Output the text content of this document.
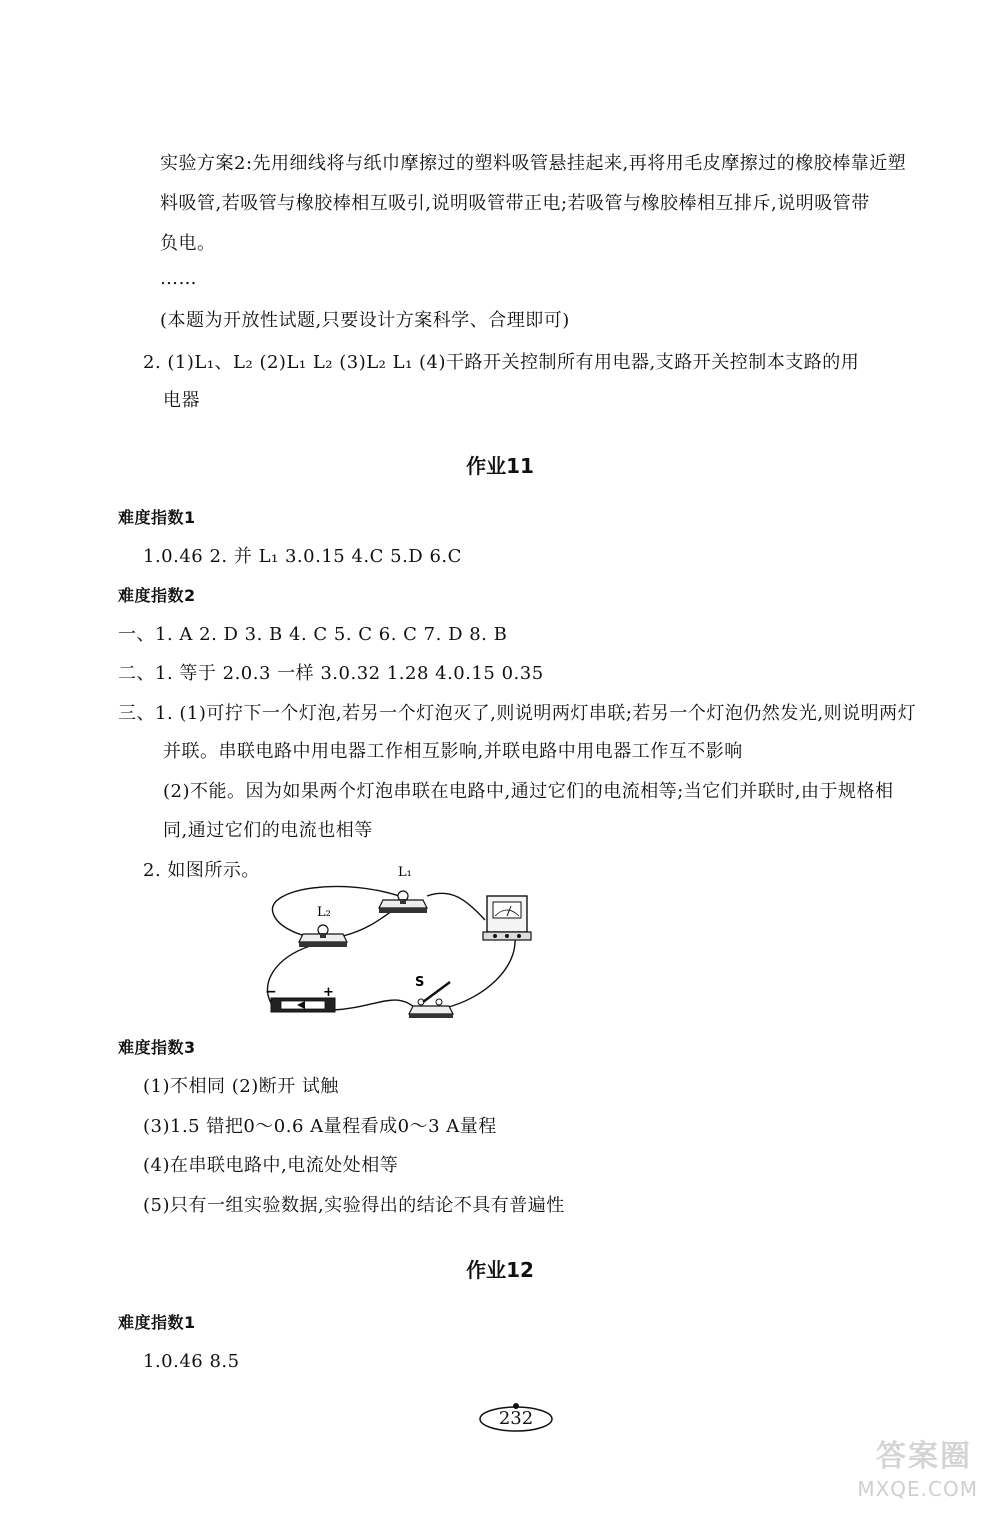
实验方案2:先用细线将与纸巾摩擦过的塑料吸管悬挂起来,再将用毛皮摩擦过的橡胶棒靠近塑
料吸管,若吸管与橡胶棒相互吸引,说明吸管带正电;若吸管与橡胶棒相互排斥,说明吸管带
负电。
……
(本题为开放性试题,只要设计方案科学、合理即可)
2. (1)L₁、L₂ (2)L₁ L₂ (3)L₂ L₁ (4)干路开关控制所有用电器,支路开关控制本支路的用
电器
作业11
难度指数1
1.0.46 2. 并 L₁ 3.0.15 4.C 5.D 6.C
难度指数2
一、1. A 2. D 3. B 4. C 5. C 6. C 7. D 8. B
二、1. 等于 2.0.3 一样 3.0.32 1.28 4.0.15 0.35
三、1. (1)可拧下一个灯泡,若另一个灯泡灭了,则说明两灯串联;若另一个灯泡仍然发光,则说明两灯
并联。串联电路中用电器工作相互影响,并联电路中用电器工作互不影响
(2)不能。因为如果两个灯泡串联在电路中,通过它们的电流相等;当它们并联时,由于规格相
同,通过它们的电流也相等
2. 如图所示。	L₁
L₂
S
−	+
难度指数3
(1)不相同 (2)断开 试触
(3)1.5 错把0～0.6 A量程看成0～3 A量程
(4)在串联电路中,电流处处相等
(5)只有一组实验数据,实验得出的结论不具有普遍性
作业12
难度指数1
1.0.46 8.5
232
答案圈
MXQE.COM
